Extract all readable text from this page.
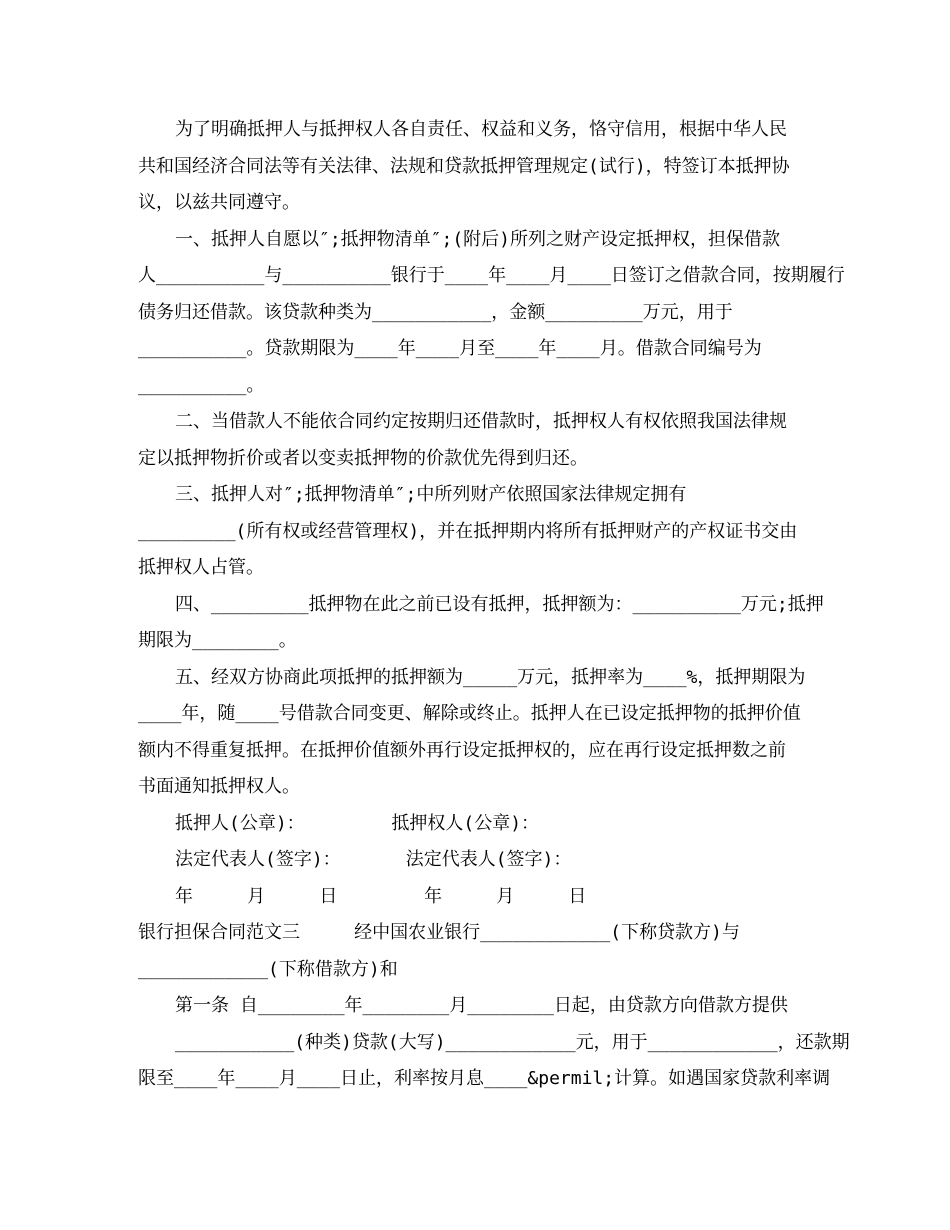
为了明确抵押人与抵押权人各自责任、权益和义务，恪守信用，根据中华人民
共和国经济合同法等有关法律、法规和贷款抵押管理规定(试行)，特签订本抵押协
议，以兹共同遵守。
一、抵押人自愿以″;抵押物清单″;(附后)所列之财产设定抵押权，担保借款
人__________与__________银行于____年____月____日签订之借款合同，按期履行
债务归还借款。该贷款种类为___________，金额_________万元，用于
__________。贷款期限为____年____月至____年____月。借款合同编号为
__________。
二、当借款人不能依合同约定按期归还借款时，抵押权人有权依照我国法律规
定以抵押物折价或者以变卖抵押物的价款优先得到归还。
三、抵押人对″;抵押物清单″;中所列财产依照国家法律规定拥有
_________(所有权或经营管理权)，并在抵押期内将所有抵押财产的产权证书交由
抵押权人占管。
四、_________抵押物在此之前已设有抵押，抵押额为：__________万元;抵押
期限为________。
五、经双方协商此项抵押的抵押额为_____万元，抵押率为____%，抵押期限为
____年，随____号借款合同变更、解除或终止。抵押人在已设定抵押物的抵押价值
额内不得重复抵押。在抵押价值额外再行设定抵押权的，应在再行设定抵押数之前
书面通知抵押权人。
抵押人(公章)：        抵押权人(公章)：
法定代表人(签字)：      法定代表人(签字)：
年     月     日        年     月     日
银行担保合同范文三     经中国农业银行____________(下称贷款方)与
____________(下称借款方)和
第一条 自________年________月________日起，由贷款方向借款方提供
___________(种类)贷款(大写)____________元，用于____________，还款期
限至____年____月____日止，利率按月息____&permil;计算。如遇国家贷款利率调
